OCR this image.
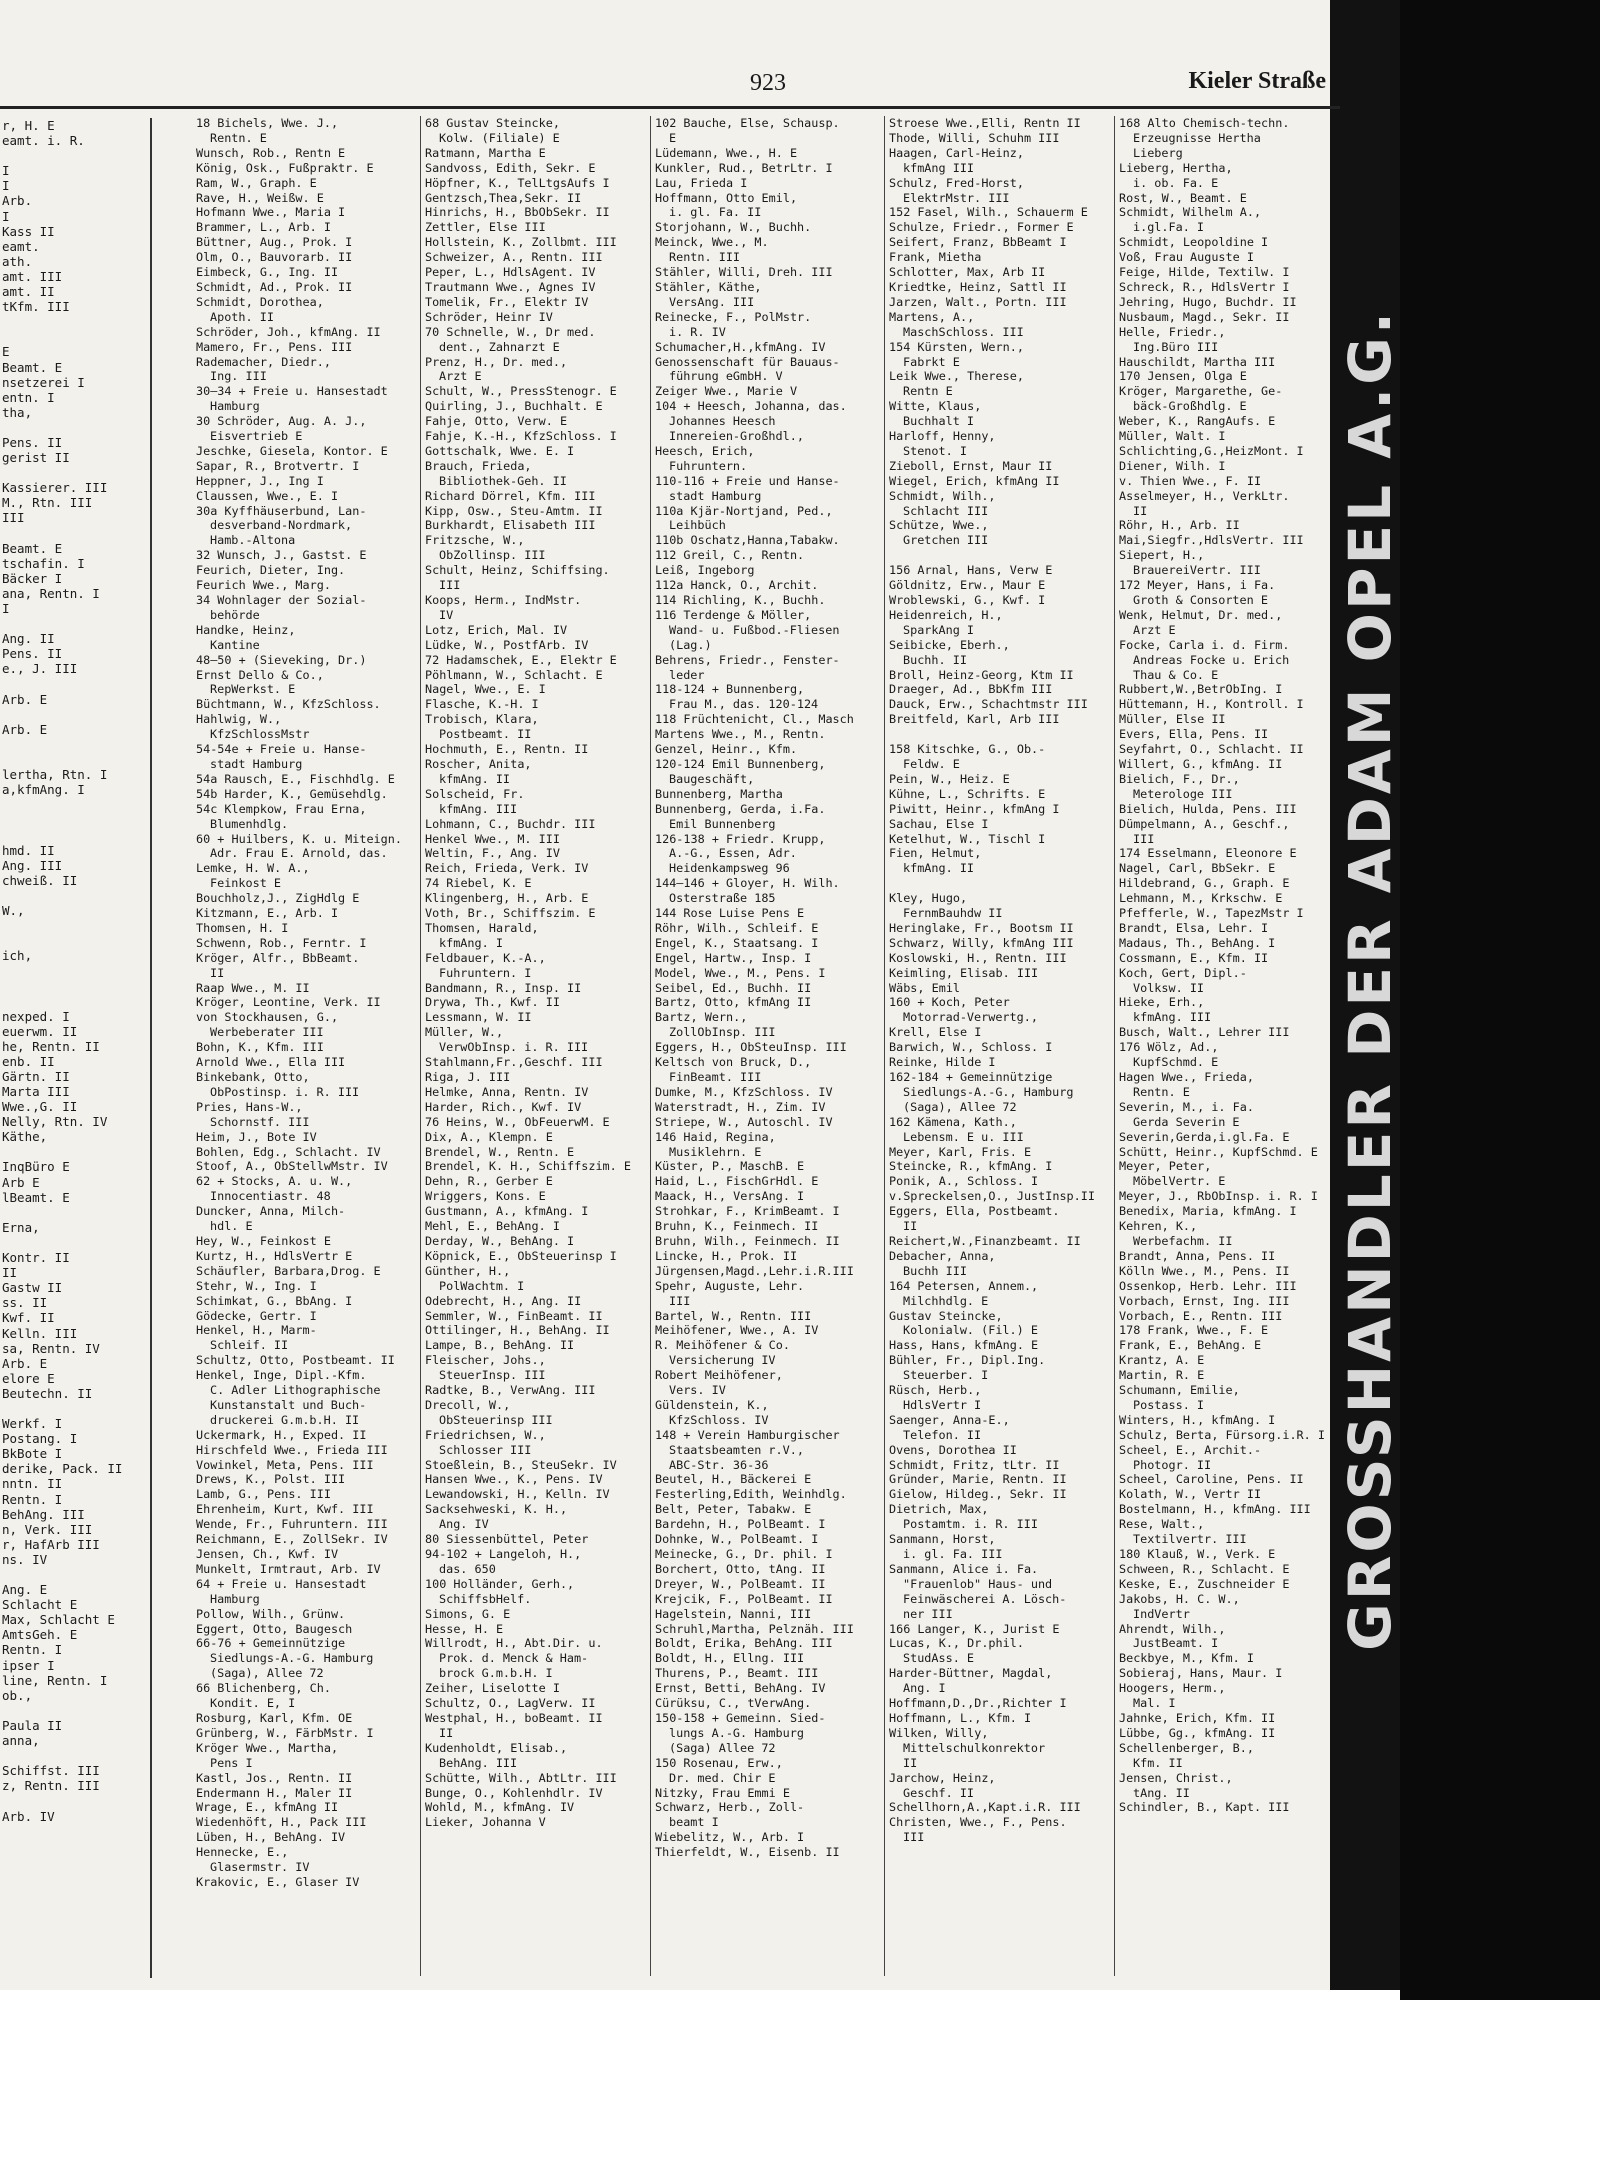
GROSSHANDLER DER ADAM OPEL A.G.
923	Kieler Straße
r, H. E
eamt. i. R.

I
I
Arb.
I
Kass II
eamt.
ath.
amt. III
amt. II
tKfm. III

E
Beamt. E
nsetzerei I
entn. I
tha,

Pens. II
gerist II

Kassierer. III
M., Rtn. III
III

Beamt. E
tschafin. I
Bäcker I
ana, Rentn. I
I

Ang. II
Pens. II
e., J. III

Arb. E

Arb. E

lertha, Rtn. I
a,kfmAng. I

hmd. II
Ang. III
chweiß. II

W.,

ich,

nexped. I
euerwm. II
he, Rentn. II
enb. II
Gärtn. II
Marta III
Wwe.,G. II
Nelly, Rtn. IV
Käthe,

InqBüro E
Arb E
lBeamt. E

Erna,

Kontr. II
II
Gastw II
ss. II
Kwf. II
Kelln. III
sa, Rentn. IV
Arb. E
elore E
Beutechn. II

Werkf. I
Postang. I
BkBote I
derike, Pack. II
nntn. II
Rentn. I
BehAng. III
n, Verk. III
r, HafArb III
ns. IV

Ang. E
Schlacht E
Max, Schlacht E
AmtsGeh. E
Rentn. I
ipser I
line, Rentn. I
ob.,

Paula II
anna,

Schiffst. III
z, Rentn. III

Arb. IV
18 Bichels, Wwe. J.,
Rentn. E
Wunsch, Rob., Rentn E
König, Osk., Fußpraktr. E
Ram, W., Graph. E
Rave, H., Weißw. E
Hofmann Wwe., Maria I
Brammer, L., Arb. I
Büttner, Aug., Prok. I
Olm, O., Bauvorarb. II
Eimbeck, G., Ing. II
Schmidt, Ad., Prok. II
Schmidt, Dorothea,
Apoth. II
Schröder, Joh., kfmAng. II
Mamero, Fr., Pens. III
Rademacher, Diedr.,
Ing. III
30—34 + Freie u. Hansestadt
Hamburg
30 Schröder, Aug. A. J.,
Eisvertrieb E
Jeschke, Giesela, Kontor. E
Sapar, R., Brotvertr. I
Heppner, J., Ing I
Claussen, Wwe., E. I
30a Kyffhäuserbund, Lan-
desverband-Nordmark,
Hamb.-Altona
32 Wunsch, J., Gastst. E
Feurich, Dieter, Ing.
Feurich Wwe., Marg.
34 Wohnlager der Sozial-
behörde
Handke, Heinz,
Kantine
48—50 + (Sieveking, Dr.)
Ernst Dello & Co.,
RepWerkst. E
Büchtmann, W., KfzSchloss.
Hahlwig, W.,
KfzSchlossMstr
54-54e + Freie u. Hanse-
stadt Hamburg
54a Rausch, E., Fischhdlg. E
54b Harder, K., Gemüsehdlg.
54c Klempkow, Frau Erna,
Blumenhdlg.
60 + Huilbers, K. u. Miteign.
Adr. Frau E. Arnold, das.
Lemke, H. W. A.,
Feinkost E
Bouchholz,J., ZigHdlg E
Kitzmann, E., Arb. I
Thomsen, H. I
Schwenn, Rob., Ferntr. I
Kröger, Alfr., BbBeamt.
II
Raap Wwe., M. II
Kröger, Leontine, Verk. II
von Stockhausen, G.,
Werbeberater III
Bohn, K., Kfm. III
Arnold Wwe., Ella III
Binkebank, Otto,
ObPostinsp. i. R. III
Pries, Hans-W.,
Schornstf. III
Heim, J., Bote IV
Bohlen, Edg., Schlacht. IV
Stoof, A., ObStellwMstr. IV
62 + Stocks, A. u. W.,
Innocentiastr. 48
Duncker, Anna, Milch-
hdl. E
Hey, W., Feinkost E
Kurtz, H., HdlsVertr E
Schäufler, Barbara,Drog. E
Stehr, W., Ing. I
Schimkat, G., BbAng. I
Gödecke, Gertr. I
Henkel, H., Marm-
Schleif. II
Schultz, Otto, Postbeamt. II
Henkel, Inge, Dipl.-Kfm.
C. Adler Lithographische
Kunstanstalt und Buch-
druckerei G.m.b.H. II
Uckermark, H., Exped. II
Hirschfeld Wwe., Frieda III
Vowinkel, Meta, Pens. III
Drews, K., Polst. III
Lamb, G., Pens. III
Ehrenheim, Kurt, Kwf. III
Wende, Fr., Fuhruntern. III
Reichmann, E., ZollSekr. IV
Jensen, Ch., Kwf. IV
Munkelt, Irmtraut, Arb. IV
64 + Freie u. Hansestadt
Hamburg
Pollow, Wilh., Grünw.
Eggert, Otto, Baugesch
66-76 + Gemeinnützige
Siedlungs-A.-G. Hamburg
(Saga), Allee 72
66 Blichenberg, Ch.
Kondit. E, I
Rosburg, Karl, Kfm. OE
Grünberg, W., FärbMstr. I
Kröger Wwe., Martha,
Pens I
Kastl, Jos., Rentn. II
Endermann H., Maler II
Wrage, E., kfmAng II
Wiedenhöft, H., Pack III
Lüben, H., BehAng. IV
Hennecke, E.,
Glasermstr. IV
Krakovic, E., Glaser IV
68 Gustav Steincke,
Kolw. (Filiale) E
Ratmann, Martha E
Sandvoss, Edith, Sekr. E
Höpfner, K., TelLtgsAufs I
Gentzsch,Thea,Sekr. II
Hinrichs, H., BbObSekr. II
Zettler, Else III
Hollstein, K., Zollbmt. III
Schweizer, A., Rentn. III
Peper, L., HdlsAgent. IV
Trautmann Wwe., Agnes IV
Tomelik, Fr., Elektr IV
Schröder, Heinr IV
70 Schnelle, W., Dr med.
dent., Zahnarzt E
Prenz, H., Dr. med.,
Arzt E
Schult, W., PressStenogr. E
Quirling, J., Buchhalt. E
Fahje, Otto, Verw. E
Fahje, K.-H., KfzSchloss. I
Gottschalk, Wwe. E. I
Brauch, Frieda,
Bibliothek-Geh. II
Richard Dörrel, Kfm. III
Kipp, Osw., Steu-Amtm. II
Burkhardt, Elisabeth III
Fritzsche, W.,
ObZollinsp. III
Schult, Heinz, Schiffsing.
III
Koops, Herm., IndMstr.
IV
Lotz, Erich, Mal. IV
Lüdke, W., PostfArb. IV
72 Hadamschek, E., Elektr E
Pöhlmann, W., Schlacht. E
Nagel, Wwe., E. I
Flasche, K.-H. I
Trobisch, Klara,
Postbeamt. II
Hochmuth, E., Rentn. II
Roscher, Anita,
kfmAng. II
Solscheid, Fr.
kfmAng. III
Lohmann, C., Buchdr. III
Henkel Wwe., M. III
Weltin, F., Ang. IV
Reich, Frieda, Verk. IV
74 Riebel, K. E
Klingenberg, H., Arb. E
Voth, Br., Schiffszim. E
Thomsen, Harald,
kfmAng. I
Feldbauer, K.-A.,
Fuhruntern. I
Bandmann, R., Insp. II
Drywa, Th., Kwf. II
Lessmann, W. II
Müller, W.,
VerwObInsp. i. R. III
Stahlmann,Fr.,Geschf. III
Riga, J. III
Helmke, Anna, Rentn. IV
Harder, Rich., Kwf. IV
76 Heins, W., ObFeuerwM. E
Dix, A., Klempn. E
Brendel, W., Rentn. E
Brendel, K. H., Schiffszim. E
Dehn, R., Gerber E
Wriggers, Kons. E
Gustmann, A., kfmAng. I
Mehl, E., BehAng. I
Derday, W., BehAng. I
Köpnick, E., ObSteuerinsp I
Günther, H.,
PolWachtm. I
Odebrecht, H., Ang. II
Semmler, W., FinBeamt. II
Ottilinger, H., BehAng. II
Lampe, B., BehAng. II
Fleischer, Johs.,
SteuerInsp. III
Radtke, B., VerwAng. III
Drecoll, W.,
ObSteuerinsp III
Friedrichsen, W.,
Schlosser III
Stoeßlein, B., SteuSekr. IV
Hansen Wwe., K., Pens. IV
Lewandowski, H., Kelln. IV
Sacksehweski, K. H.,
Ang. IV
80 Siessenbüttel, Peter
94-102 + Langeloh, H.,
das. 650
100 Holländer, Gerh.,
SchiffsbHelf.
Simons, G. E
Hesse, H. E
Willrodt, H., Abt.Dir. u.
Prok. d. Menck & Ham-
brock G.m.b.H. I
Zeiher, Liselotte I
Schultz, O., LagVerw. II
Westphal, H., boBeamt. II
II
Kudenholdt, Elisab.,
BehAng. III
Schütte, Wilh., AbtLtr. III
Bunge, O., Kohlenhdlr. IV
Wohld, M., kfmAng. IV
Lieker, Johanna V
102 Bauche, Else, Schausp.
E
Lüdemann, Wwe., H. E
Kunkler, Rud., BetrLtr. I
Lau, Frieda I
Hoffmann, Otto Emil,
i. gl. Fa. II
Storjohann, W., Buchh.
Meinck, Wwe., M.
Rentn. III
Stähler, Willi, Dreh. III
Stähler, Käthe,
VersAng. III
Reinecke, F., PolMstr.
i. R. IV
Schumacher,H.,kfmAng. IV
Genossenschaft für Bauaus-
führung eGmbH. V
Zeiger Wwe., Marie V
104 + Heesch, Johanna, das.
Johannes Heesch
Innereien-Großhdl.,
Heesch, Erich,
Fuhruntern.
110-116 + Freie und Hanse-
stadt Hamburg
110a Kjär-Nortjand, Ped.,
Leihbüch
110b Oschatz,Hanna,Tabakw.
112 Greil, C., Rentn.
Leiß, Ingeborg
112a Hanck, O., Archit.
114 Richling, K., Buchh.
116 Terdenge & Möller,
Wand- u. Fußbod.-Fliesen
(Lag.)
Behrens, Friedr., Fenster-
leder
118-124 + Bunnenberg,
Frau M., das. 120-124
118 Früchtenicht, Cl., Masch
Martens Wwe., M., Rentn.
Genzel, Heinr., Kfm.
120-124 Emil Bunnenberg,
Baugeschäft,
Bunnenberg, Martha
Bunnenberg, Gerda, i.Fa.
Emil Bunnenberg
126-138 + Friedr. Krupp,
A.-G., Essen, Adr.
Heidenkampsweg 96
144—146 + Gloyer, H. Wilh.
Osterstraße 185
144 Rose Luise Pens E
Röhr, Wilh., Schleif. E
Engel, K., Staatsang. I
Engel, Hartw., Insp. I
Model, Wwe., M., Pens. I
Seibel, Ed., Buchh. II
Bartz, Otto, kfmAng II
Bartz, Wern.,
ZollObInsp. III
Eggers, H., ObSteuInsp. III
Keltsch von Bruck, D.,
FinBeamt. III
Dumke, M., KfzSchloss. IV
Waterstradt, H., Zim. IV
Striepe, W., Autoschl. IV
146 Haid, Regina,
Musiklehrn. E
Küster, P., MaschB. E
Haid, L., FischGrHdl. E
Maack, H., VersAng. I
Strohkar, F., KrimBeamt. I
Bruhn, K., Feinmech. II
Bruhn, Wilh., Feinmech. II
Lincke, H., Prok. II
Jürgensen,Magd.,Lehr.i.R.III
Spehr, Auguste, Lehr.
III
Bartel, W., Rentn. III
Meihöfener, Wwe., A. IV
R. Meihöfener & Co.
Versicherung IV
Robert Meihöfener,
Vers. IV
Güldenstein, K.,
KfzSchloss. IV
148 + Verein Hamburgischer
Staatsbeamten r.V.,
ABC-Str. 36-36
Beutel, H., Bäckerei E
Festerling,Edith, Weinhdlg.
Belt, Peter, Tabakw. E
Bardehn, H., PolBeamt. I
Dohnke, W., PolBeamt. I
Meinecke, G., Dr. phil. I
Borchert, Otto, tAng. II
Dreyer, W., PolBeamt. II
Krejcik, F., PolBeamt. II
Hagelstein, Nanni, III
Schruhl,Martha, Pelznäh. III
Boldt, Erika, BehAng. III
Boldt, H., Ellng. III
Thurens, P., Beamt. III
Ernst, Betti, BehAng. IV
Cürüksu, C., tVerwAng.
150-158 + Gemeinn. Sied-
lungs A.-G. Hamburg
(Saga) Allee 72
150 Rosenau, Erw.,
Dr. med. Chir E
Nitzky, Frau Emmi E
Schwarz, Herb., Zoll-
beamt I
Wiebelitz, W., Arb. I
Thierfeldt, W., Eisenb. II
Stroese Wwe.,Elli, Rentn II
Thode, Willi, Schuhm III
Haagen, Carl-Heinz,
kfmAng III
Schulz, Fred-Horst,
ElektrMstr. III
152 Fasel, Wilh., Schauerm E
Schulze, Friedr., Former E
Seifert, Franz, BbBeamt I
Frank, Mietha
Schlotter, Max, Arb II
Kriedtke, Heinz, Sattl II
Jarzen, Walt., Portn. III
Martens, A.,
MaschSchloss. III
154 Kürsten, Wern.,
Fabrkt E
Leik Wwe., Therese,
Rentn E
Witte, Klaus,
Buchhalt I
Harloff, Henny,
Stenot. I
Zieboll, Ernst, Maur II
Wiegel, Erich, kfmAng II
Schmidt, Wilh.,
Schlacht III
Schütze, Wwe.,
Gretchen III

156 Arnal, Hans, Verw E
Göldnitz, Erw., Maur E
Wroblewski, G., Kwf. I
Heidenreich, H.,
SparkAng I
Seibicke, Eberh.,
Buchh. II
Broll, Heinz-Georg, Ktm II
Draeger, Ad., BbKfm III
Dauck, Erw., Schachtmstr III
Breitfeld, Karl, Arb III

158 Kitschke, G., Ob.-
Feldw. E
Pein, W., Heiz. E
Kühne, L., Schrifts. E
Piwitt, Heinr., kfmAng I
Sachau, Else I
Ketelhut, W., Tischl I
Fien, Helmut,
kfmAng. II

Kley, Hugo,
FernmBauhdw II
Heringlake, Fr., Bootsm II
Schwarz, Willy, kfmAng III
Koslowski, H., Rentn. III
Keimling, Elisab. III
Wäbs, Emil
160 + Koch, Peter
Motorrad-Verwertg.,
Krell, Else I
Barwich, W., Schloss. I
Reinke, Hilde I
162-184 + Gemeinnützige
Siedlungs-A.-G., Hamburg
(Saga), Allee 72
162 Kämena, Kath.,
Lebensm. E u. III
Meyer, Karl, Fris. E
Steincke, R., kfmAng. I
Ponik, A., Schloss. I
v.Spreckelsen,O., JustInsp.II
Eggers, Ella, Postbeamt.
II
Reichert,W.,Finanzbeamt. II
Debacher, Anna,
Buchh III
164 Petersen, Annem.,
Milchhdlg. E
Gustav Steincke,
Kolonialw. (Fil.) E
Hass, Hans, kfmAng. E
Bühler, Fr., Dipl.Ing.
Steuerber. I
Rüsch, Herb.,
HdlsVertr I
Saenger, Anna-E.,
Telefon. II
Ovens, Dorothea II
Schmidt, Fritz, tLtr. II
Gründer, Marie, Rentn. II
Gielow, Hildeg., Sekr. II
Dietrich, Max,
Postamtm. i. R. III
Sanmann, Horst,
i. gl. Fa. III
Sanmann, Alice i. Fa.
"Frauenlob" Haus- und
Feinwäscherei A. Lösch-
ner III
166 Langer, K., Jurist E
Lucas, K., Dr.phil.
StudAss. E
Harder-Büttner, Magdal,
Ang. I
Hoffmann,D.,Dr.,Richter I
Hoffmann, L., Kfm. I
Wilken, Willy,
Mittelschulkonrektor
II
Jarchow, Heinz,
Geschf. II
Schellhorn,A.,Kapt.i.R. III
Christen, Wwe., F., Pens.
III
168 Alto Chemisch-techn.
Erzeugnisse Hertha
Lieberg
Lieberg, Hertha,
i. ob. Fa. E
Rost, W., Beamt. E
Schmidt, Wilhelm A.,
i.gl.Fa. I
Schmidt, Leopoldine I
Voß, Frau Auguste I
Feige, Hilde, Textilw. I
Schreck, R., HdlsVertr I
Jehring, Hugo, Buchdr. II
Nusbaum, Magd., Sekr. II
Helle, Friedr.,
Ing.Büro III
Hauschildt, Martha III
170 Jensen, Olga E
Kröger, Margarethe, Ge-
bäck-Großhdlg. E
Weber, K., RangAufs. E
Müller, Walt. I
Schlichting,G.,HeizMont. I
Diener, Wilh. I
v. Thien Wwe., F. II
Asselmeyer, H., VerkLtr.
II
Röhr, H., Arb. II
Mai,Siegfr.,HdlsVertr. III
Siepert, H.,
BrauereiVertr. III
172 Meyer, Hans, i Fa.
Groth & Consorten E
Wenk, Helmut, Dr. med.,
Arzt E
Focke, Carla i. d. Firm.
Andreas Focke u. Erich
Thau & Co. E
Rubbert,W.,BetrObIng. I
Hüttemann, H., Kontroll. I
Müller, Else II
Evers, Ella, Pens. II
Seyfahrt, O., Schlacht. II
Willert, G., kfmAng. II
Bielich, F., Dr.,
Meterologe III
Bielich, Hulda, Pens. III
Dümpelmann, A., Geschf.,
III
174 Esselmann, Eleonore E
Nagel, Carl, BbSekr. E
Hildebrand, G., Graph. E
Lehmann, M., Krkschw. E
Pfefferle, W., TapezMstr I
Brandt, Elsa, Lehr. I
Madaus, Th., BehAng. I
Cossmann, E., Kfm. II
Koch, Gert, Dipl.-
Volksw. II
Hieke, Erh.,
kfmAng. III
Busch, Walt., Lehrer III
176 Wölz, Ad.,
KupfSchmd. E
Hagen Wwe., Frieda,
Rentn. E
Severin, M., i. Fa.
Gerda Severin E
Severin,Gerda,i.gl.Fa. E
Schütt, Heinr., KupfSchmd. E
Meyer, Peter,
MöbelVertr. E
Meyer, J., RbObInsp. i. R. I
Benedix, Maria, kfmAng. I
Kehren, K.,
Werbefachm. II
Brandt, Anna, Pens. II
Kölln Wwe., M., Pens. II
Ossenkop, Herb. Lehr. III
Vorbach, Ernst, Ing. III
Vorbach, E., Rentn. III
178 Frank, Wwe., F. E
Frank, E., BehAng. E
Krantz, A. E
Martin, R. E
Schumann, Emilie,
Postass. I
Winters, H., kfmAng. I
Schulz, Berta, Fürsorg.i.R. I
Scheel, E., Archit.-
Photogr. II
Scheel, Caroline, Pens. II
Kolath, W., Vertr II
Bostelmann, H., kfmAng. III
Rese, Walt.,
Textilvertr. III
180 Klauß, W., Verk. E
Schween, R., Schlacht. E
Keske, E., Zuschneider E
Jakobs, H. C. W.,
IndVertr
Ahrendt, Wilh.,
JustBeamt. I
Beckbye, M., Kfm. I
Sobieraj, Hans, Maur. I
Hoogers, Herm.,
Mal. I
Jahnke, Erich, Kfm. II
Lübbe, Gg., kfmAng. II
Schellenberger, B.,
Kfm. II
Jensen, Christ.,
tAng. II
Schindler, B., Kapt. III
